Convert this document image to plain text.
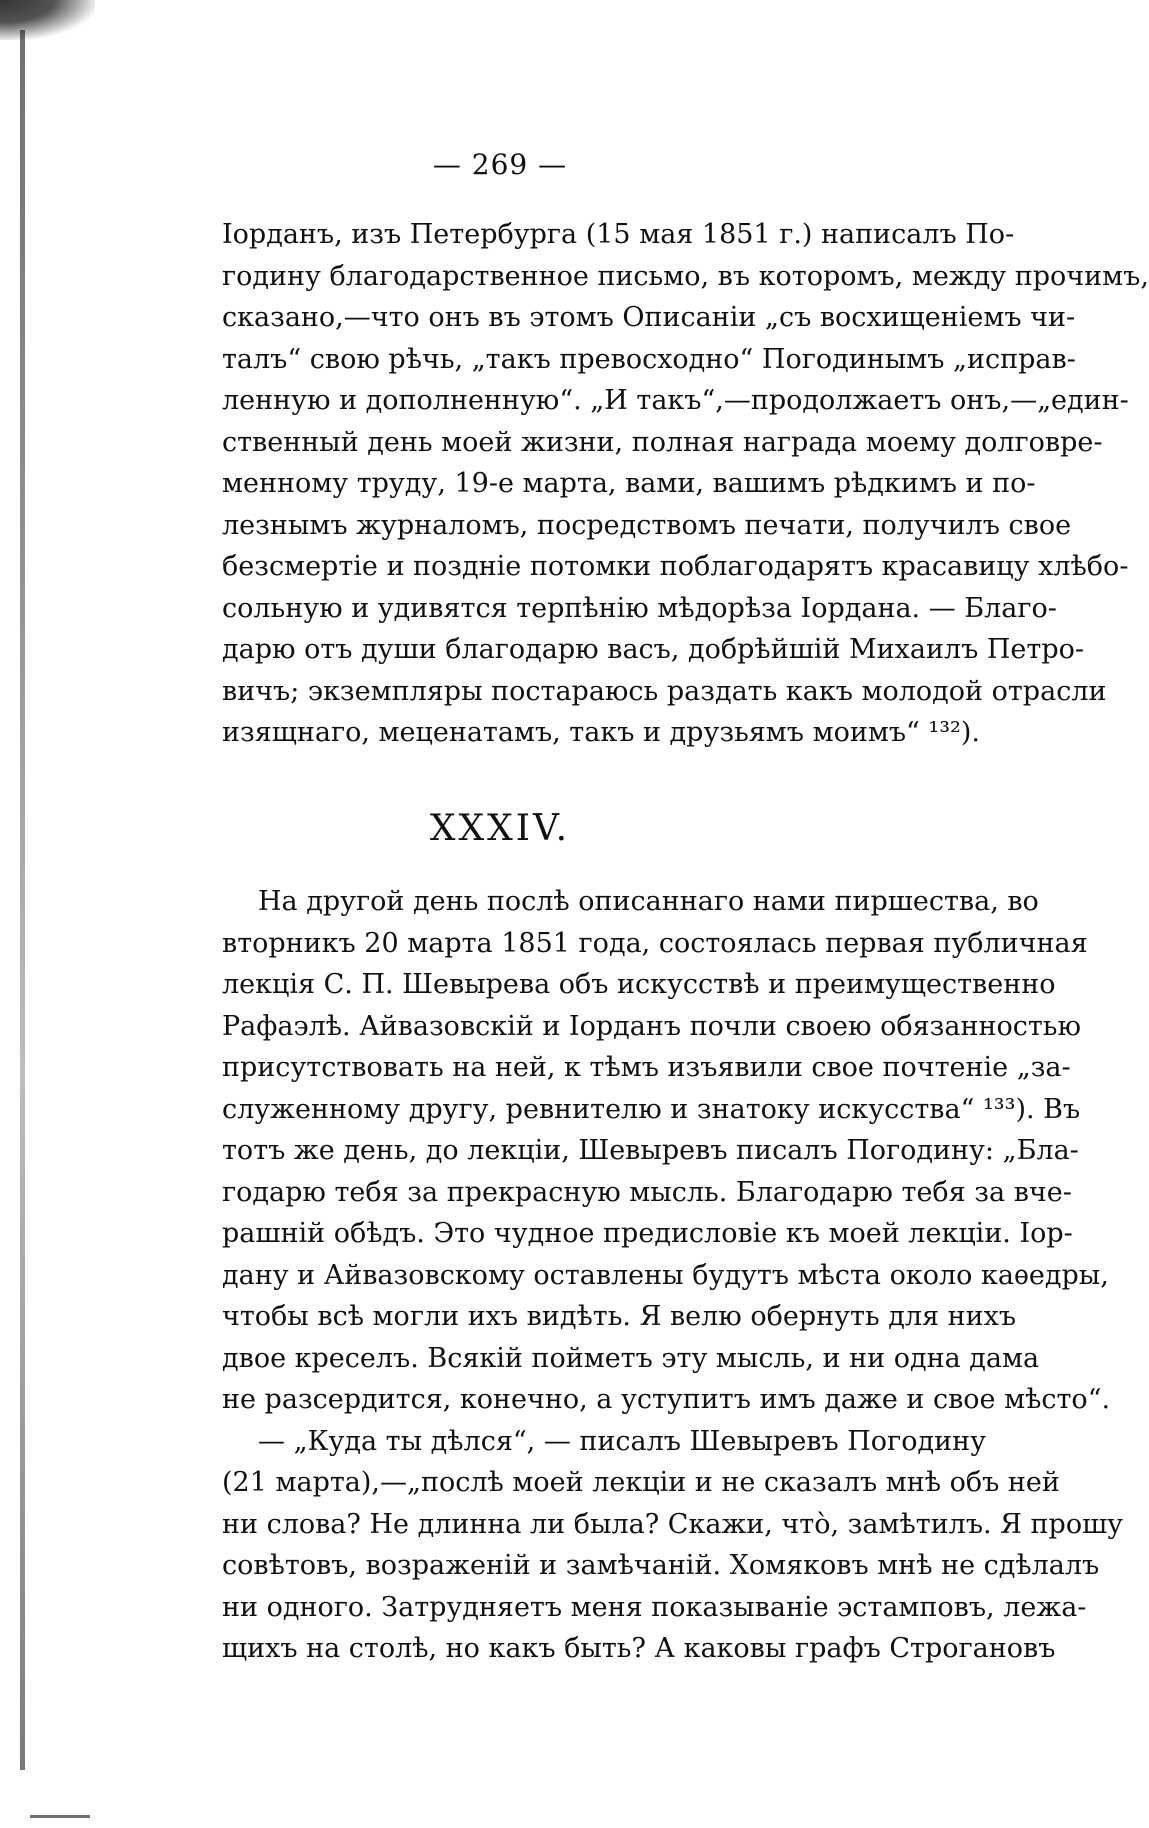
— 269 —
Іорданъ, изъ Петербурга (15 мая 1851 г.) написалъ По-
годину благодарственное письмо, въ которомъ, между прочимъ,
сказано,—что онъ въ этомъ Описаніи „съ восхищеніемъ чи-
талъ“ свою рѣчь, „такъ превосходно“ Погодинымъ „исправ-
ленную и дополненную“. „И такъ“,—продолжаетъ онъ,—„един-
ственный день моей жизни, полная награда моему долговре-
менному труду, 19-е марта, вами, вашимъ рѣдкимъ и по-
лезнымъ журналомъ, посредствомъ печати, получилъ свое
безсмертіе и поздніе потомки поблагодарятъ красавицу хлѣбо-
сольную и удивятся терпѣнію мѣдорѣза Іордана. — Благо-
дарю отъ души благодарю васъ, добрѣйшій Михаилъ Петро-
вичъ; экземпляры постараюсь раздать какъ молодой отрасли
изящнаго, меценатамъ, такъ и друзьямъ моимъ“ ¹³²).
XXXIV.
На другой день послѣ описаннаго нами пиршества, во
вторникъ 20 марта 1851 года, состоялась первая публичная
лекція С. П. Шевырева объ искусствѣ и преимущественно
Рафаэлѣ. Айвазовскій и Іорданъ почли своею обязанностью
присутствовать на ней, к тѣмъ изъявили свое почтеніе „за-
служенному другу, ревнителю и знатоку искусства“ ¹³³). Въ
тотъ же день, до лекціи, Шевыревъ писалъ Погодину: „Бла-
годарю тебя за прекрасную мысль. Благодарю тебя за вче-
рашній обѣдъ. Это чудное предисловіе къ моей лекціи. Іор-
дану и Айвазовскому оставлены будутъ мѣста около каѳедры,
чтобы всѣ могли ихъ видѣть. Я велю обернуть для нихъ
двое креселъ. Всякій пойметъ эту мысль, и ни одна дама
не разсердится, конечно, а уступитъ имъ даже и свое мѣсто“.
— „Куда ты дѣлся“, — писалъ Шевыревъ Погодину
(21 марта),—„послѣ моей лекціи и не сказалъ мнѣ объ ней
ни слова? Не длинна ли была? Скажи, что̀, замѣтилъ. Я прошу
совѣтовъ, возраженій и замѣчаній. Хомяковъ мнѣ не сдѣлалъ
ни одного. Затрудняетъ меня показываніе эстамповъ, лежа-
щихъ на столѣ, но какъ быть? А каковы графъ Строгановъ
